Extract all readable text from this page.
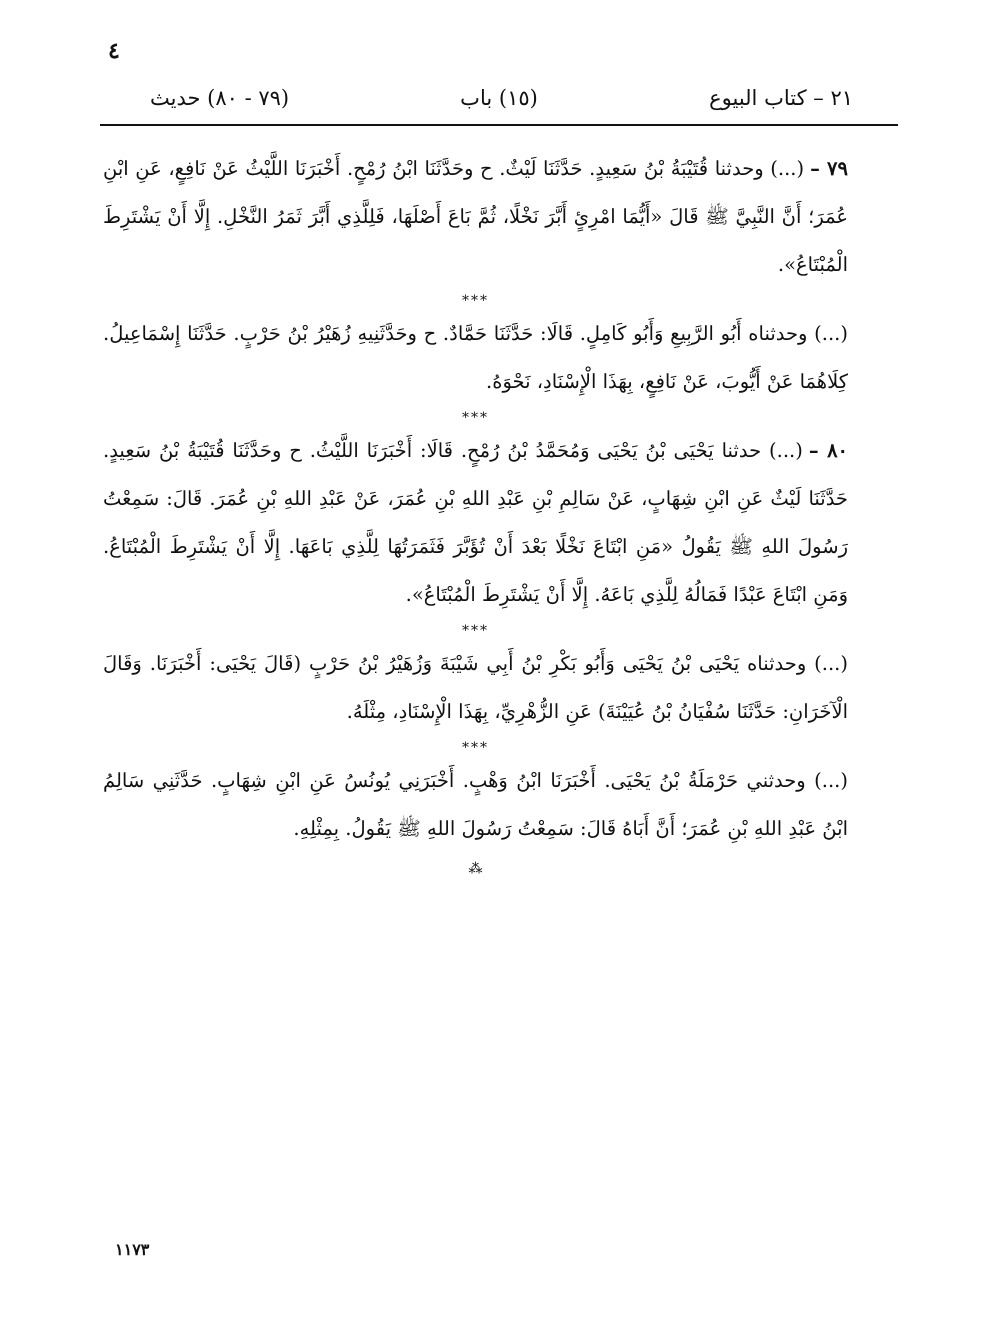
٤
٢١ – كتاب البيوع
(١٥) باب
(٧٩ - ٨٠) حديث

٧٩ –(...) وحدثنا قُتَيْبَةُ بْنُ سَعِيدٍ. حَدَّثَنَا لَيْثٌ. ح وحَدَّثَنَا ابْنُ رُمْحٍ. أَخْبَرَنَا اللَّيْثُ عَنْ نَافِعٍ، عَنِ ابْنِ عُمَرَ؛ أَنَّ النَّبِيَّ ﷺ قَالَ «أَيُّمَا امْرِئٍ أَبَّرَ نَخْلًا، ثُمَّ بَاعَ أَصْلَهَا، فَلِلَّذِي أَبَّرَ ثَمَرُ النَّخْلِ. إِلَّا أَنْ يَشْتَرِطَ الْمُبْتَاعُ».

***

(...) وحدثناه أَبُو الرَّبِيعِ وَأَبُو كَامِلٍ. قَالَا: حَدَّثَنَا حَمَّادٌ. ح وحَدَّثَنِيهِ زُهَيْرُ بْنُ حَرْبٍ. حَدَّثَنَا إِسْمَاعِيلُ. كِلَاهُمَا عَنْ أَيُّوبَ، عَنْ نَافِعٍ، بِهَذَا الْإِسْنَادِ، نَحْوَهُ.

***

٨٠ –(...) حدثنا يَحْيَى بْنُ يَحْيَى وَمُحَمَّدُ بْنُ رُمْحٍ. قَالَا: أَخْبَرَنَا اللَّيْثُ. ح وحَدَّثَنَا قُتَيْبَةُ بْنُ سَعِيدٍ. حَدَّثَنَا لَيْثٌ عَنِ ابْنِ شِهَابٍ، عَنْ سَالِمِ بْنِ عَبْدِ اللهِ بْنِ عُمَرَ، عَنْ عَبْدِ اللهِ بْنِ عُمَرَ. قَالَ: سَمِعْتُ رَسُولَ اللهِ ﷺ يَقُولُ «مَنِ ابْتَاعَ نَخْلًا بَعْدَ أَنْ تُؤَبَّرَ فَثَمَرَتُهَا لِلَّذِي بَاعَهَا. إِلَّا أَنْ يَشْتَرِطَ الْمُبْتَاعُ. وَمَنِ ابْتَاعَ عَبْدًا فَمَالُهُ لِلَّذِي بَاعَهُ. إِلَّا أَنْ يَشْتَرِطَ الْمُبْتَاعُ».

***

(...) وحدثناه يَحْيَى بْنُ يَحْيَى وَأَبُو بَكْرِ بْنُ أَبِي شَيْبَةَ وَزُهَيْرُ بْنُ حَرْبٍ (قَالَ يَحْيَى: أَخْبَرَنَا. وَقَالَ الْآخَرَانِ: حَدَّثَنَا سُفْيَانُ بْنُ عُيَيْنَةَ) عَنِ الزُّهْرِيِّ، بِهَذَا الْإِسْنَادِ، مِثْلَهُ.

***

(...) وحدثني حَرْمَلَةُ بْنُ يَحْيَى. أَخْبَرَنَا ابْنُ وَهْبٍ. أَخْبَرَنِي يُونُسُ عَنِ ابْنِ شِهَابٍ. حَدَّثَنِي سَالِمُ ابْنُ عَبْدِ اللهِ بْنِ عُمَرَ؛ أَنَّ أَبَاهُ قَالَ: سَمِعْتُ رَسُولَ اللهِ ﷺ يَقُولُ. بِمِثْلِهِ.

⁂
١١٧٣
